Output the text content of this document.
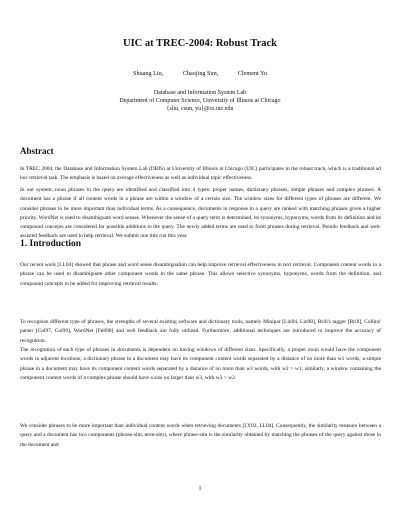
UIC at TREC-2004: Robust Track
Shuang Liu,	Chaojing Sun,	Clement Yu
Database and Information System Lab
Department of Computer Science, University of Illinois at Chicago
{sliu, csun, yu}@cs.uic.edu
Abstract

In TREC 2004, the Database and Information System Lab (DBIS) at University of Illinois at Chicago (UIC) participates in the robust track, which is a traditional ad hoc retrieval task. The emphasis is based on average effectiveness as well as individual topic effectiveness.

In our system, noun phrases in the query are identified and classified into 4 types: proper names, dictionary phrases, simple phrases and complex phrases. A document has a phrase if all content words in a phrase are within a window of a certain size. The window sizes for different types of phrases are different. We consider phrases to be more important than individual terms. As a consequence, documents in response to a query are ranked with matching phrases given a higher priority. WordNet is used to disambiguate word senses. Whenever the sense of a query term is determined, its synonyms, hyponyms, words from its definition and its compound concepts are considered for possible additions to the query. The newly added terms are used to form phrases during retrieval. Pseudo feedback and web-assisted feedback are used to help retrieval. We submit one title run this year.

1. Introduction

Our recent work [LL04] showed that phrase and word sense disambiguation can help improve retrieval effectiveness in text retrieval. Component content words in a phrase can be used to disambiguate other component words in the same phrase. This allows selective synonyms, hyponyms, words from the definition, and compound concepts to be added for improving retrieval results.

To recognize different type of phrases, the strengths of several existing software and dictionary tools, namely Minipar [Lin94, Lin98], Brill's tagger [Brill], Collins' parser [Col97, Col99], WordNet [Fell98] and web feedback are fully utilized. Furthermore, additional techniques are introduced to improve the accuracy of recognition.

The recognition of each type of phrases in documents is dependent on having windows of different sizes. Specifically, a proper noun would have the component words in adjacent locations; a dictionary phrase in a document may have its component content words separated by a distance of no more than w1 words; a simple phrase in a document may have its component content words separated by a distance of no more than w2 words, with w2 > w1; similarly, a window containing the component content words of a complex phrase should have a size no larger than w3, with w3 > w2.

We consider phrases to be more important than individual content words when retrieving documents [LY03, LL04]. Consequently, the similarity measure between a query and a document has two components (phrase-sim, term-sim), where phrase-sim is the similarity obtained by matching the phrases of the query against those in the document and

1
